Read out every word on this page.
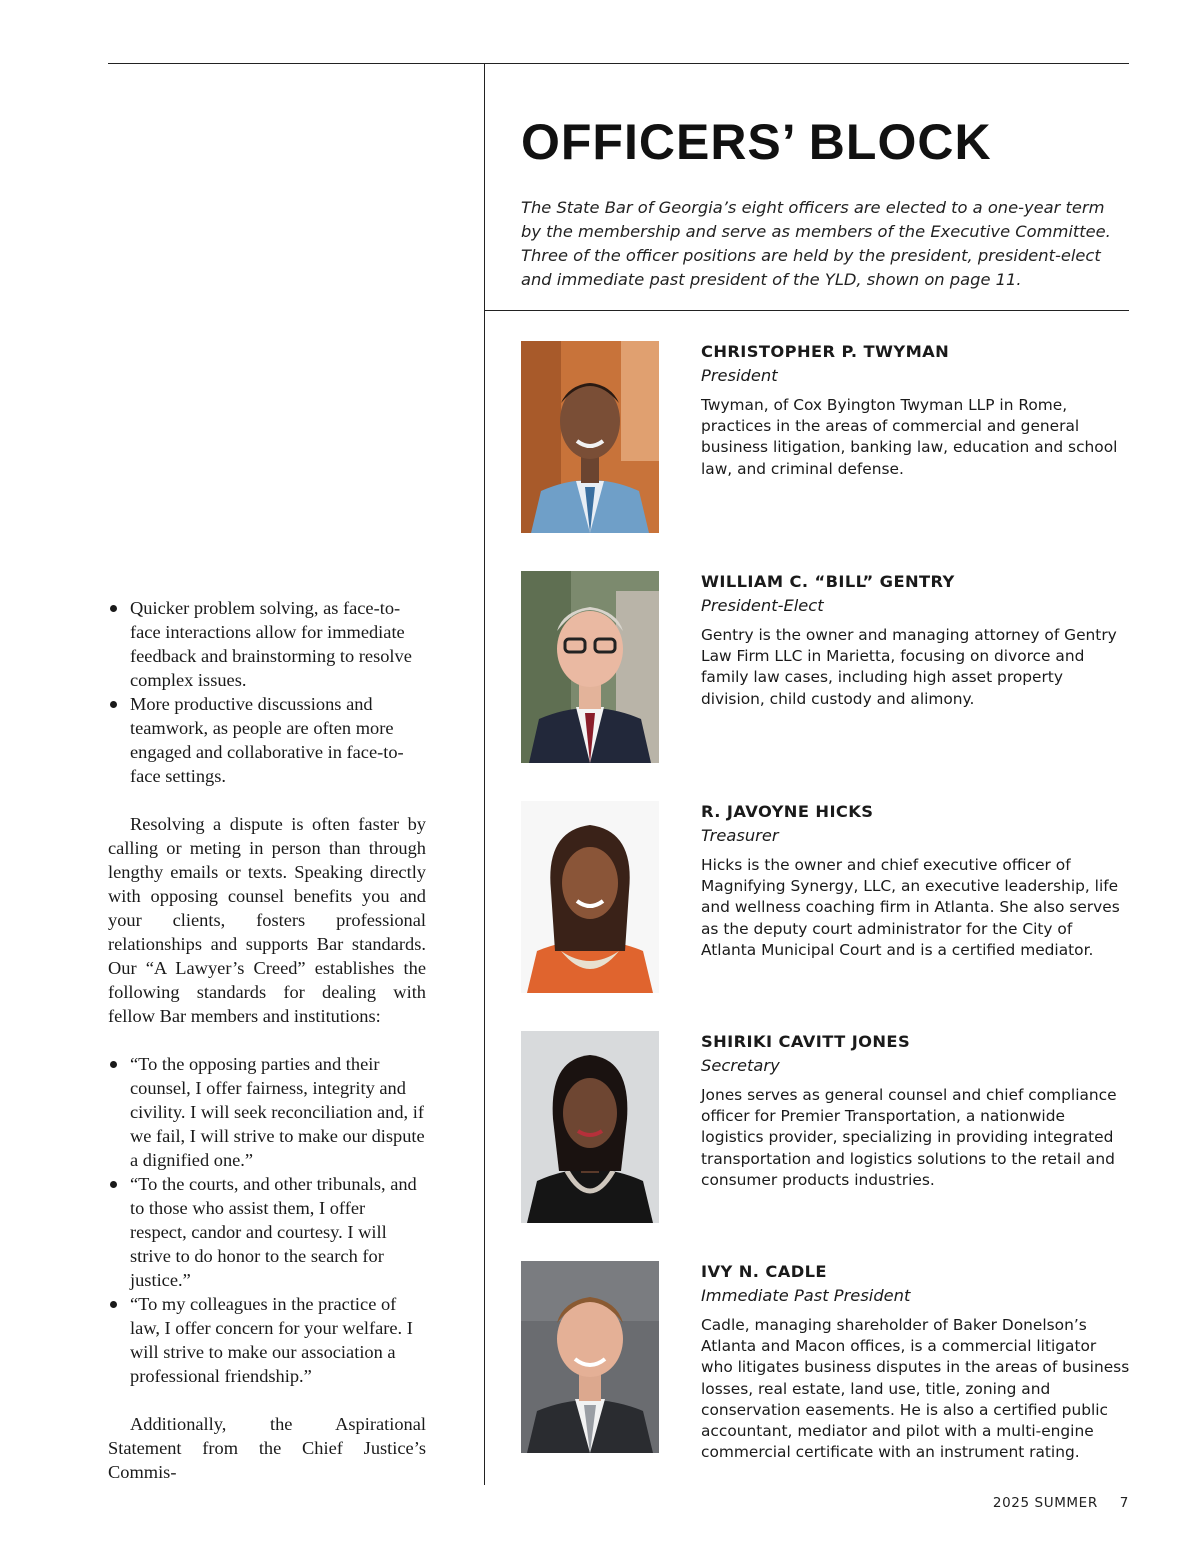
Quicker problem solving, as face-to-face interactions allow for immediate feedback and brainstorming to resolve complex issues.
More productive discussions and teamwork, as people are often more engaged and collaborative in face-to-face settings.

Resolving a dispute is often faster by calling or meting in person than through lengthy emails or texts. Speaking directly with opposing counsel benefits you and your clients, fosters professional relationships and supports Bar standards. Our “A Lawyer’s Creed” establishes the following standards for dealing with fellow Bar members and institutions:

“To the opposing parties and their counsel, I offer fairness, integrity and civility. I will seek reconciliation and, if we fail, I will strive to make our dispute a dignified one.”
“To the courts, and other tribunals, and to those who assist them, I offer respect, candor and courtesy. I will strive to do honor to the search for justice.”
“To my colleagues in the practice of law, I offer concern for your welfare. I will strive to make our association a professional friendship.”

Additionally, the Aspirational Statement from the Chief Justice’s Commis-

OFFICERS’ BLOCK

The State Bar of Georgia’s eight officers are elected to a one-year term by the membership and serve as members of the Executive Committee. Three of the officer positions are held by the president, president-elect and immediate past president of the YLD, shown on page 11.

CHRISTOPHER P. TWYMAN
President
Twyman, of Cox Byington Twyman LLP in Rome, practices in the areas of commercial and general business litigation, banking law, education and school law, and criminal defense.
WILLIAM C. “BILL” GENTRY
President-Elect
Gentry is the owner and managing attorney of Gentry Law Firm LLC in Marietta, focusing on divorce and family law cases, including high asset property division, child custody and alimony.
R. JAVOYNE HICKS
Treasurer
Hicks is the owner and chief executive officer of Magnifying Synergy, LLC, an executive leadership, life and wellness coaching firm in Atlanta. She also serves as the deputy court administrator for the City of Atlanta Municipal Court and is a certified mediator.
SHIRIKI CAVITT JONES
Secretary
Jones serves as general counsel and chief compliance officer for Premier Transportation, a nationwide logistics provider, specializing in providing integrated transportation and logistics solutions to the retail and consumer products industries.
IVY N. CADLE
Immediate Past President
Cadle, managing shareholder of Baker Donelson’s Atlanta and Macon offices, is a commercial litigator who litigates business disputes in the areas of business losses, real estate, land use, title, zoning and conservation easements. He is also a certified public accountant, mediator and pilot with a multi-engine commercial certificate with an instrument rating.
2025 SUMMER 7
